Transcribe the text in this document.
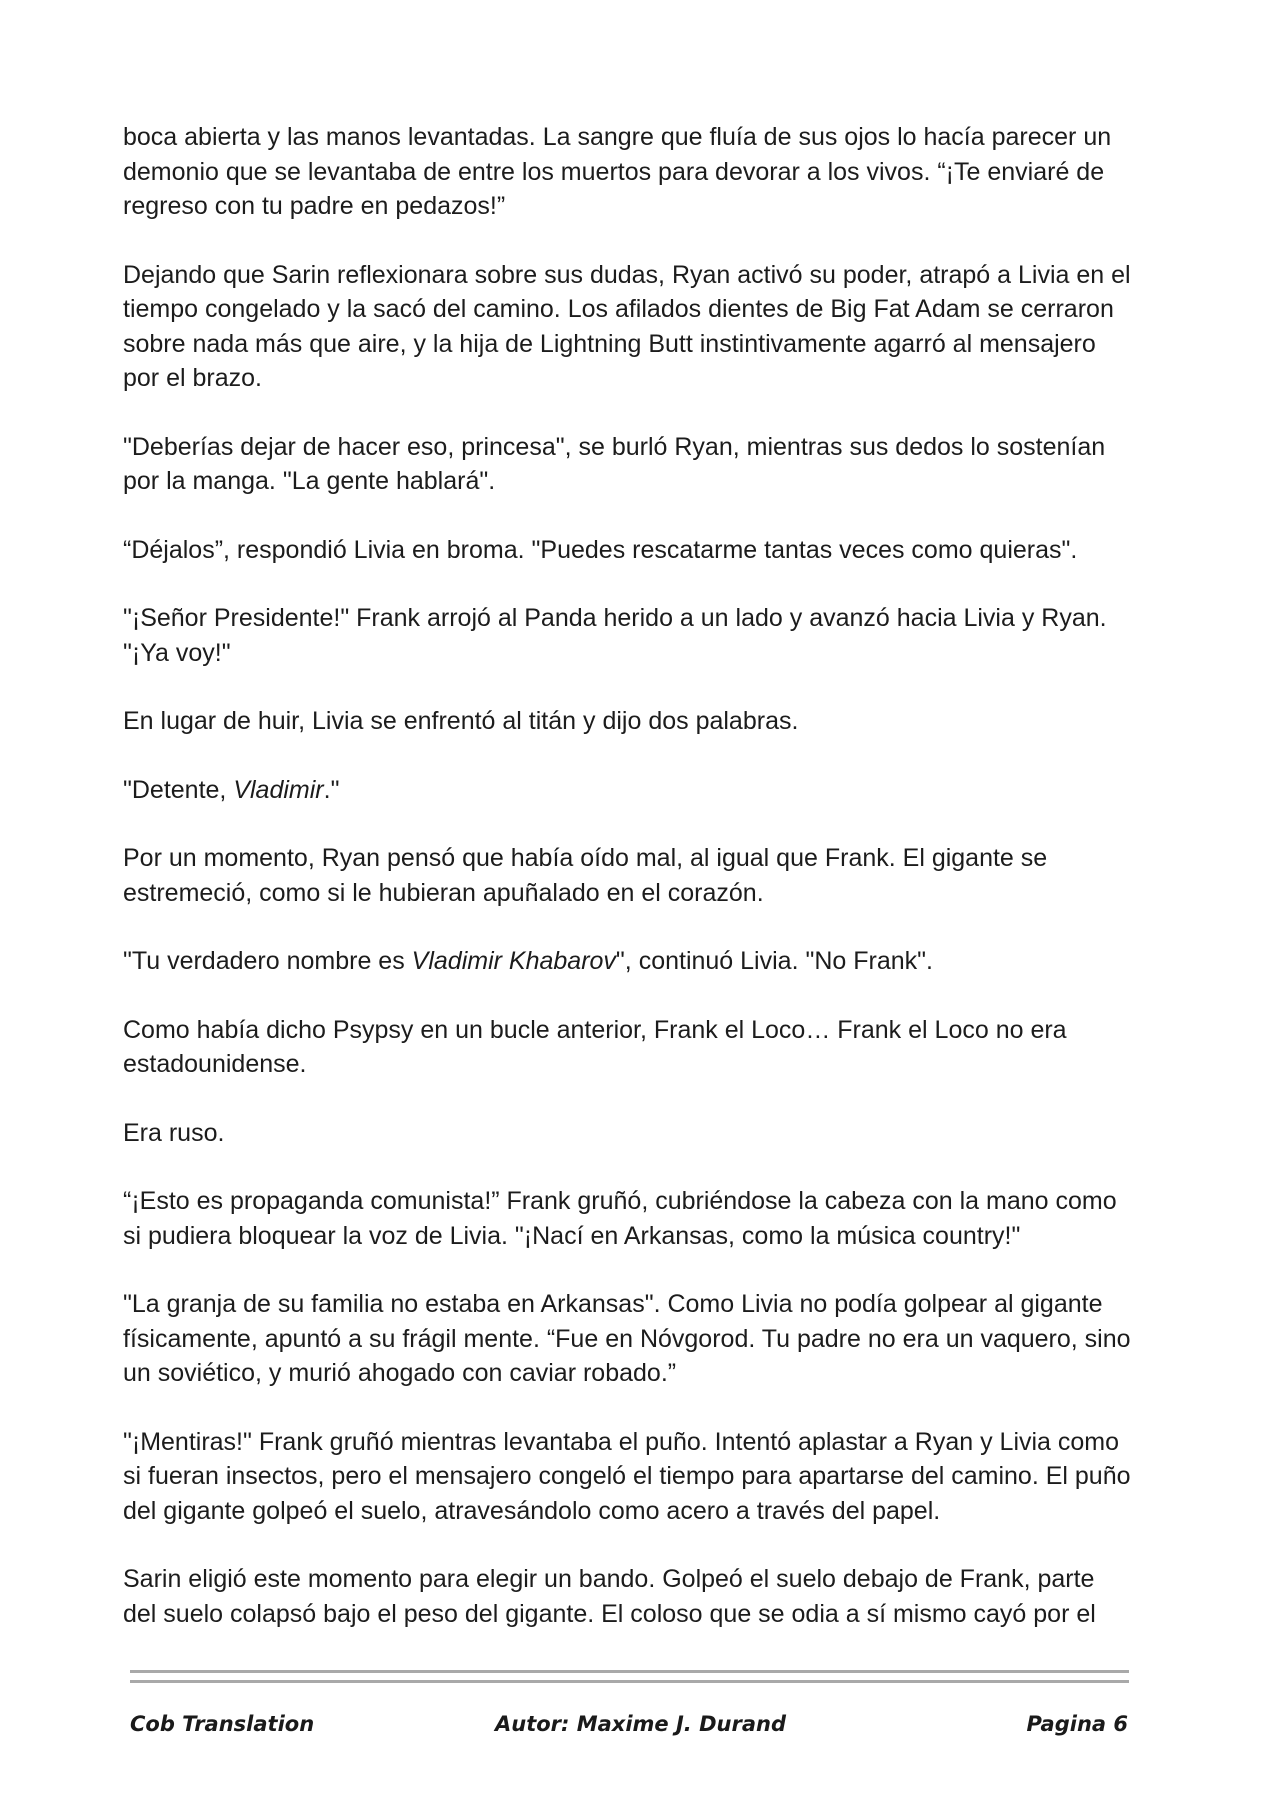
boca abierta y las manos levantadas. La sangre que fluía de sus ojos lo hacía parecer un demonio que se levantaba de entre los muertos para devorar a los vivos. “¡Te enviaré de regreso con tu padre en pedazos!”

Dejando que Sarin reflexionara sobre sus dudas, Ryan activó su poder, atrapó a Livia en el tiempo congelado y la sacó del camino. Los afilados dientes de Big Fat Adam se cerraron sobre nada más que aire, y la hija de Lightning Butt instintivamente agarró al mensajero por el brazo.

"Deberías dejar de hacer eso, princesa", se burló Ryan, mientras sus dedos lo sostenían por la manga. "La gente hablará".

“Déjalos”, respondió Livia en broma. "Puedes rescatarme tantas veces como quieras".

"¡Señor Presidente!" Frank arrojó al Panda herido a un lado y avanzó hacia Livia y Ryan. "¡Ya voy!"

En lugar de huir, Livia se enfrentó al titán y dijo dos palabras.

"Detente, Vladimir."

Por un momento, Ryan pensó que había oído mal, al igual que Frank. El gigante se estremeció, como si le hubieran apuñalado en el corazón.

"Tu verdadero nombre es Vladimir Khabarov", continuó Livia. "No Frank".

Como había dicho Psypsy en un bucle anterior, Frank el Loco… Frank el Loco no era estadounidense.

Era ruso.

“¡Esto es propaganda comunista!” Frank gruñó, cubriéndose la cabeza con la mano como si pudiera bloquear la voz de Livia. "¡Nací en Arkansas, como la música country!"

"La granja de su familia no estaba en Arkansas". Como Livia no podía golpear al gigante físicamente, apuntó a su frágil mente. “Fue en Nóvgorod. Tu padre no era un vaquero, sino un soviético, y murió ahogado con caviar robado.”

"¡Mentiras!" Frank gruñó mientras levantaba el puño. Intentó aplastar a Ryan y Livia como si fueran insectos, pero el mensajero congeló el tiempo para apartarse del camino. El puño del gigante golpeó el suelo, atravesándolo como acero a través del papel.

Sarin eligió este momento para elegir un bando. Golpeó el suelo debajo de Frank, parte del suelo colapsó bajo el peso del gigante. El coloso que se odia a sí mismo cayó por el

Cob Translation	Autor: Maxime J. Durand	Pagina 6
